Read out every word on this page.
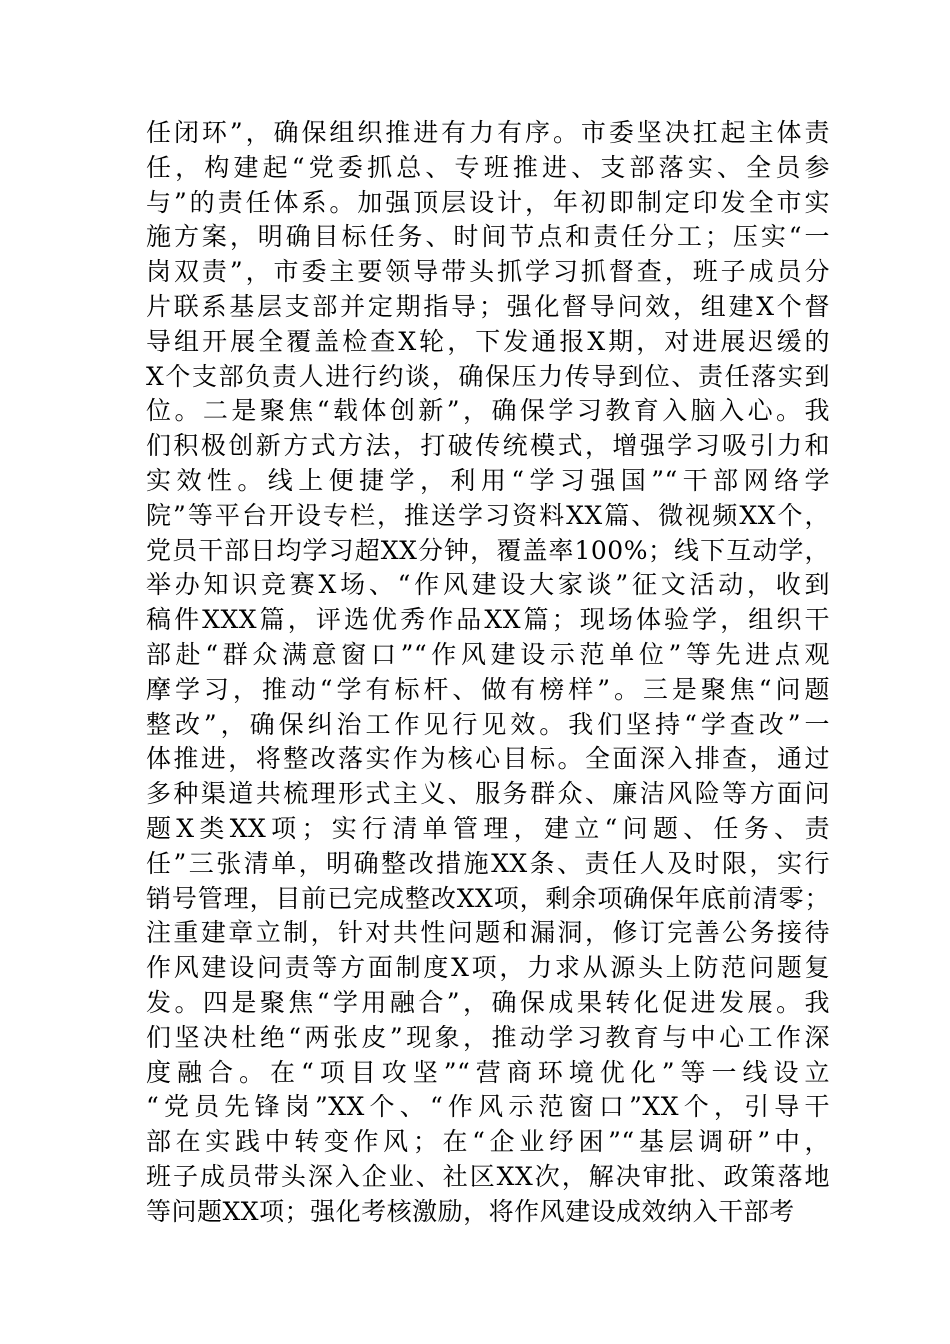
任闭环”，确保组织推进有力有序。市委坚决扛起主体责
任，构建起“党委抓总、专班推进、支部落实、全员参
与”的责任体系。加强顶层设计，年初即制定印发全市实
施方案，明确目标任务、时间节点和责任分工；压实“一
岗双责”，市委主要领导带头抓学习抓督查，班子成员分
片联系基层支部并定期指导；强化督导问效，组建X个督
导组开展全覆盖检查X轮，下发通报X期，对进展迟缓的
X个支部负责人进行约谈，确保压力传导到位、责任落实到
位。二是聚焦“载体创新”，确保学习教育入脑入心。我
们积极创新方式方法，打破传统模式，增强学习吸引力和
实效性。线上便捷学，利用“学习强国”“干部网络学
院”等平台开设专栏，推送学习资料XX篇、微视频XX个，
党员干部日均学习超XX分钟，覆盖率100%；线下互动学，
举办知识竞赛X场、“作风建设大家谈”征文活动，收到
稿件XXX篇，评选优秀作品XX篇；现场体验学，组织干
部赴“群众满意窗口”“作风建设示范单位”等先进点观
摩学习，推动“学有标杆、做有榜样”。三是聚焦“问题
整改”，确保纠治工作见行见效。我们坚持“学查改”一
体推进，将整改落实作为核心目标。全面深入排查，通过
多种渠道共梳理形式主义、服务群众、廉洁风险等方面问
题X类XX项；实行清单管理，建立“问题、任务、责
任”三张清单，明确整改措施XX条、责任人及时限，实行
销号管理，目前已完成整改XX项，剩余项确保年底前清零；
注重建章立制，针对共性问题和漏洞，修订完善公务接待
作风建设问责等方面制度X项，力求从源头上防范问题复
发。四是聚焦“学用融合”，确保成果转化促进发展。我
们坚决杜绝“两张皮”现象，推动学习教育与中心工作深
度融合。在“项目攻坚”“营商环境优化”等一线设立
“党员先锋岗”XX个、“作风示范窗口”XX个，引导干
部在实践中转变作风；在“企业纾困”“基层调研”中，
班子成员带头深入企业、社区XX次，解决审批、政策落地
等问题XX项；强化考核激励，将作风建设成效纳入干部考
